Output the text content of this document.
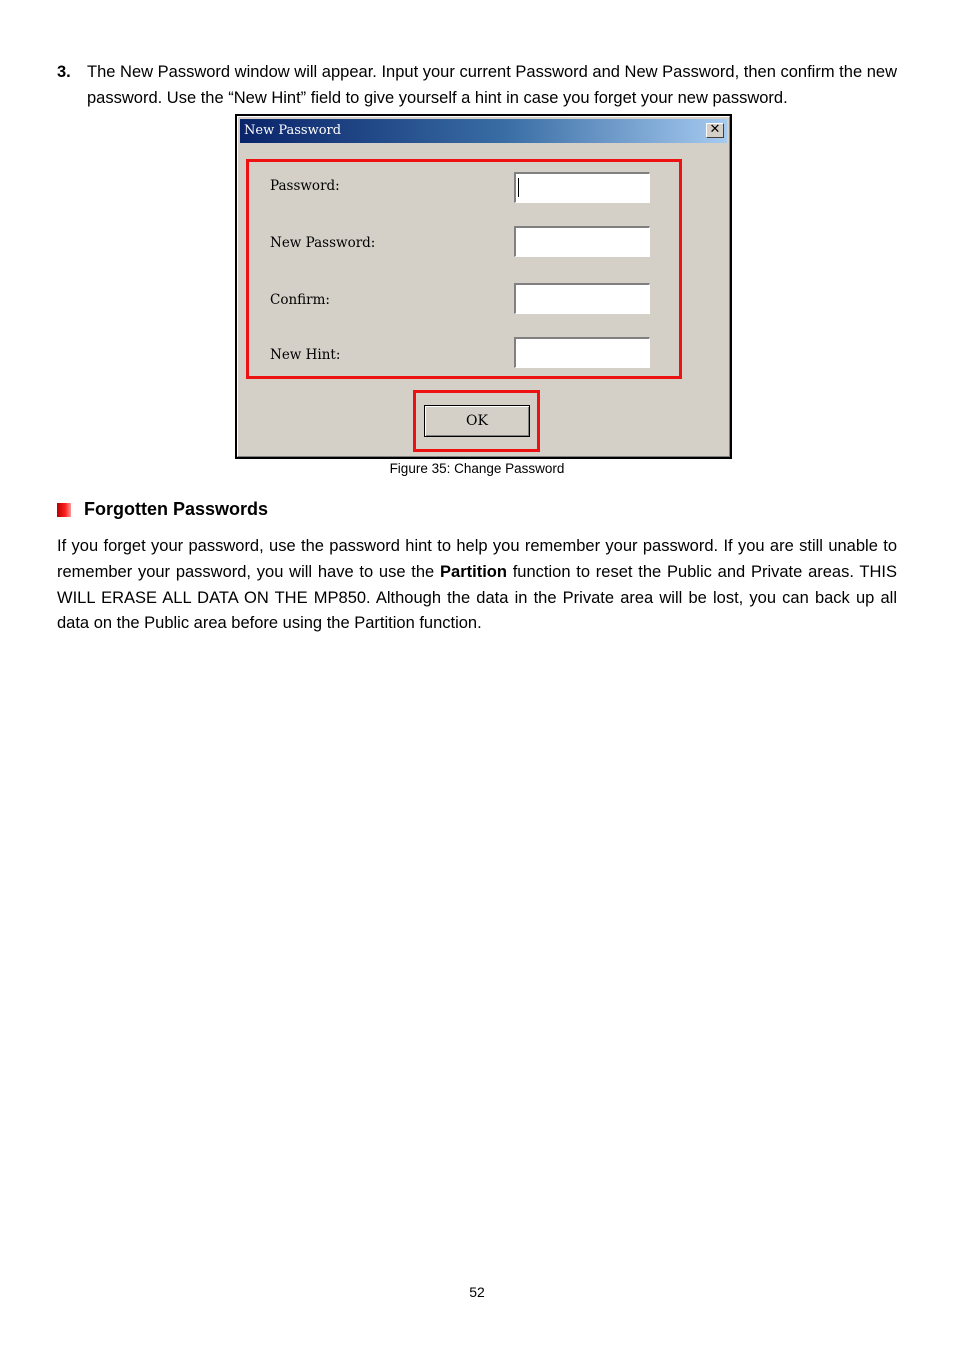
3. The New Password window will appear. Input your current Password and New Password, then confirm the new password. Use the “New Hint” field to give yourself a hint in case you forget your new password.
New Password	✕
Password:
New Password:
Confirm:
New Hint:
OK
Figure 35: Change Password
Forgotten Passwords
If you forget your password, use the password hint to help you remember your password. If you are still unable to remember your password, you will have to use the Partition function to reset the Public and Private areas. THIS WILL ERASE ALL DATA ON THE MP850. Although the data in the Private area will be lost, you can back up all data on the Public area before using the Partition function.
52
